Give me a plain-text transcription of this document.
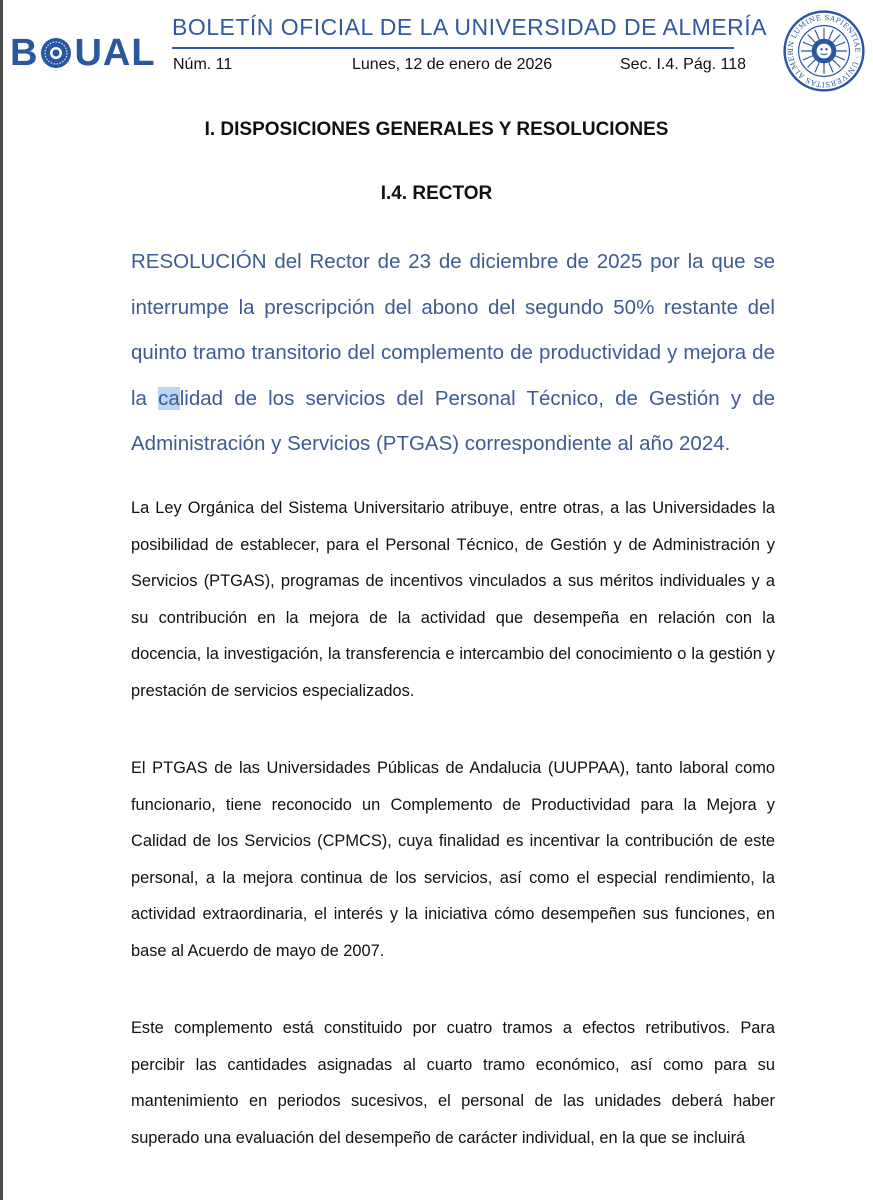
B UAL
BOLETÍN OFICIAL DE LA UNIVERSIDAD DE ALMERÍA
Núm. 11	Lunes, 12 de enero de 2026	Sec. I.4. Pág. 118
IN LUMINE SAPIENTIAE · UNIVERSITAS ALMER
I. DISPOSICIONES GENERALES Y RESOLUCIONES
I.4. RECTOR
RESOLUCIÓN del Rector de 23 de diciembre de 2025 por la que se interrumpe la prescripción del abono del segundo 50% restante del quinto tramo transitorio del complemento de productividad y mejora de la calidad de los servicios del Personal Técnico, de Gestión y de Administración y Servicios (PTGAS) correspondiente al año 2024.
La Ley Orgánica del Sistema Universitario atribuye, entre otras, a las Universidades la posibilidad de establecer, para el Personal Técnico, de Gestión y de Administración y Servicios (PTGAS), programas de incentivos vinculados a sus méritos individuales y a su contribución en la mejora de la actividad que desempeña en relación con la docencia, la investigación, la transferencia e intercambio del conocimiento o la gestión y prestación de servicios especializados.
El PTGAS de las Universidades Públicas de Andalucia (UUPPAA), tanto laboral como funcionario, tiene reconocido un Complemento de Productividad para la Mejora y Calidad de los Servicios (CPMCS), cuya finalidad es incentivar la contribución de este personal, a la mejora continua de los servicios, así como el especial rendimiento, la actividad extraordinaria, el interés y la iniciativa cómo desempeñen sus funciones, en base al Acuerdo de mayo de 2007.
Este complemento está constituido por cuatro tramos a efectos retributivos. Para percibir las cantidades asignadas al cuarto tramo económico, así como para su mantenimiento en periodos sucesivos, el personal de las unidades deberá haber superado una evaluación del desempeño de carácter individual, en la que se incluirá
